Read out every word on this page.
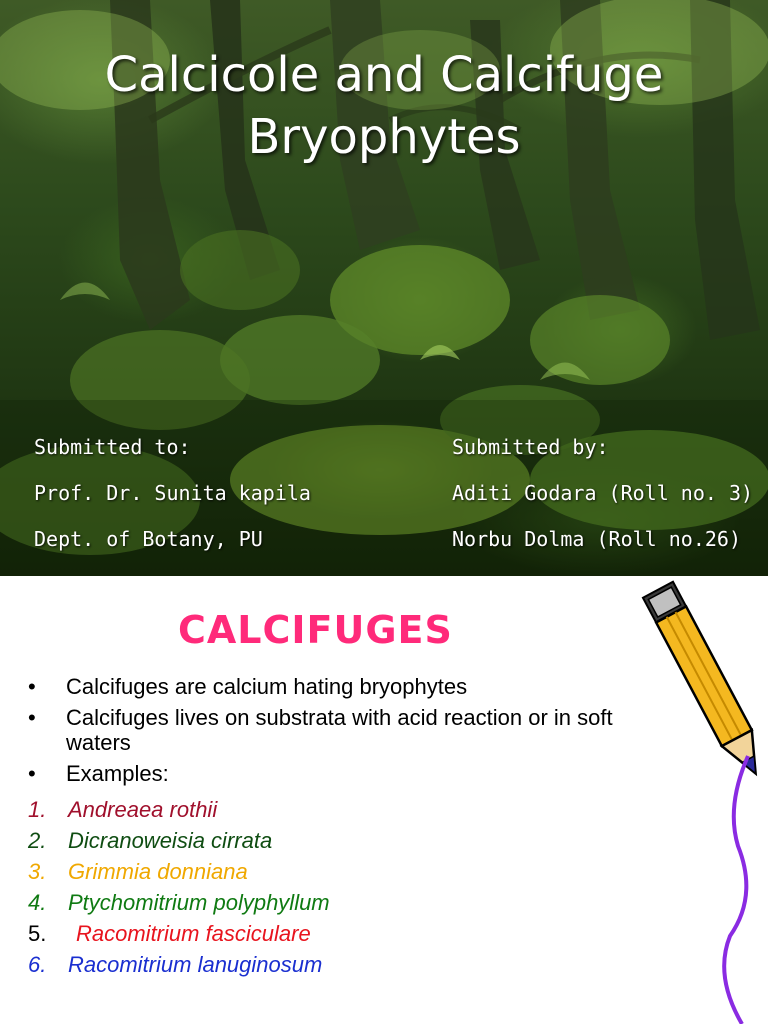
Calcicole and Calcifuge
Bryophytes
Submitted to:
Prof. Dr. Sunita kapila
Dept. of Botany, PU
Submitted by:
Aditi Godara (Roll no. 3)
Norbu Dolma (Roll no.26)
CALCIFUGES
• Calcifuges are calcium hating bryophytes
• Calcifuges lives on substrata with acid reaction or in soft waters
• Examples:
1. Andreaea rothii
2. Dicranoweisia cirrata
3. Grimmia donniana
4. Ptychomitrium polyphyllum
5. Racomitrium fasciculare
6. Racomitrium lanuginosum
